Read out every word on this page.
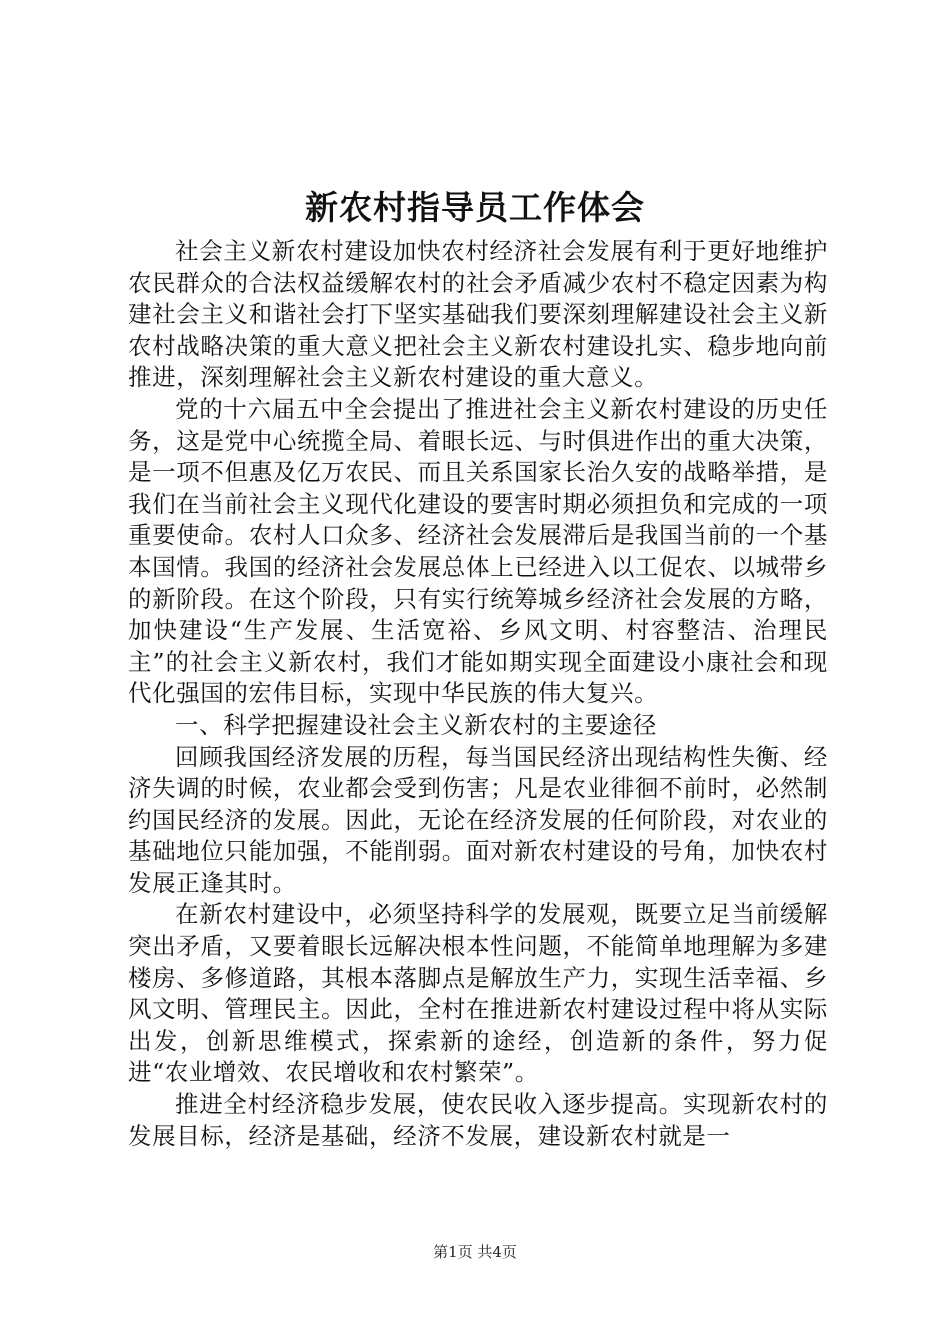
新农村指导员工作体会

社会主义新农村建设加快农村经济社会发展有利于更好地维护农民群众的合法权益缓解农村的社会矛盾减少农村不稳定因素为构建社会主义和谐社会打下坚实基础我们要深刻理解建设社会主义新农村战略决策的重大意义把社会主义新农村建设扎实、稳步地向前推进，深刻理解社会主义新农村建设的重大意义。

党的十六届五中全会提出了推进社会主义新农村建设的历史任务，这是党中心统揽全局、着眼长远、与时俱进作出的重大决策，是一项不但惠及亿万农民、而且关系国家长治久安的战略举措，是我们在当前社会主义现代化建设的要害时期必须担负和完成的一项重要使命。农村人口众多、经济社会发展滞后是我国当前的一个基本国情。我国的经济社会发展总体上已经进入以工促农、以城带乡的新阶段。在这个阶段，只有实行统筹城乡经济社会发展的方略，加快建设“生产发展、生活宽裕、乡风文明、村容整洁、治理民主”的社会主义新农村，我们才能如期实现全面建设小康社会和现代化强国的宏伟目标，实现中华民族的伟大复兴。

一、科学把握建设社会主义新农村的主要途径

回顾我国经济发展的历程，每当国民经济出现结构性失衡、经济失调的时候，农业都会受到伤害；凡是农业徘徊不前时，必然制约国民经济的发展。因此，无论在经济发展的任何阶段，对农业的基础地位只能加强，不能削弱。面对新农村建设的号角，加快农村发展正逢其时。

在新农村建设中，必须坚持科学的发展观，既要立足当前缓解突出矛盾，又要着眼长远解决根本性问题，不能简单地理解为多建楼房、多修道路，其根本落脚点是解放生产力，实现生活幸福、乡风文明、管理民主。因此，全村在推进新农村建设过程中将从实际出发，创新思维模式，探索新的途经，创造新的条件，努力促进“农业增效、农民增收和农村繁荣”。

推进全村经济稳步发展，使农民收入逐步提高。实现新农村的发展目标，经济是基础，经济不发展，建设新农村就是一

第1页 共4页
